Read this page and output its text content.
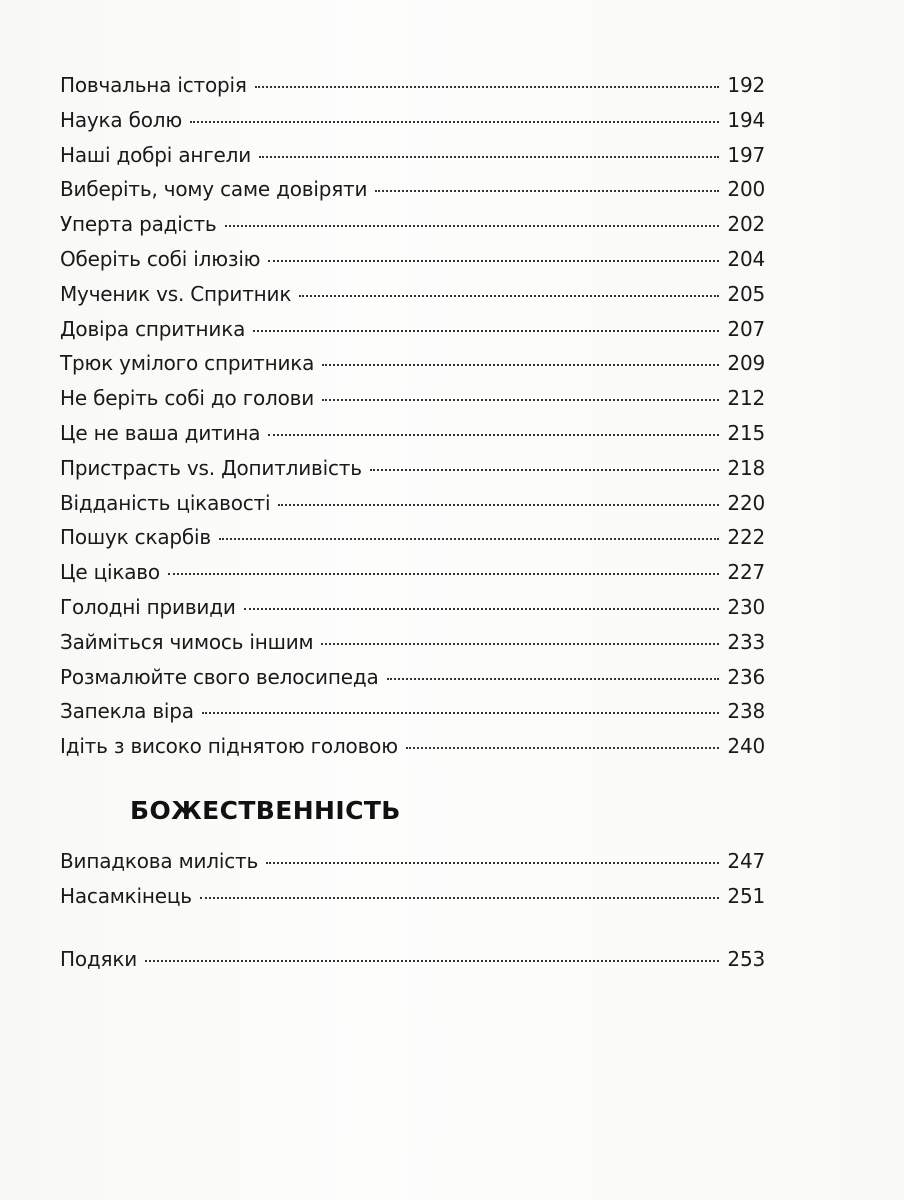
Повчальна історія	192
Наука болю	194
Наші добрі ангели	197
Виберіть, чому саме довіряти	200
Уперта радість	202
Оберіть собі ілюзію	204
Мученик vs. Спритник	205
Довіра спритника	207
Трюк умілого спритника	209
Не беріть собі до голови	212
Це не ваша дитина	215
Пристрасть vs. Допитливість	218
Відданість цікавості	220
Пошук скарбів	222
Це цікаво	227
Голодні привиди	230
Займіться чимось іншим	233
Розмалюйте свого велосипеда	236
Запекла віра	238
Ідіть з високо піднятою головою	240
БОЖЕСТВЕННІСТЬ
Випадкова милість	247
Насамкінець	251
Подяки	253
